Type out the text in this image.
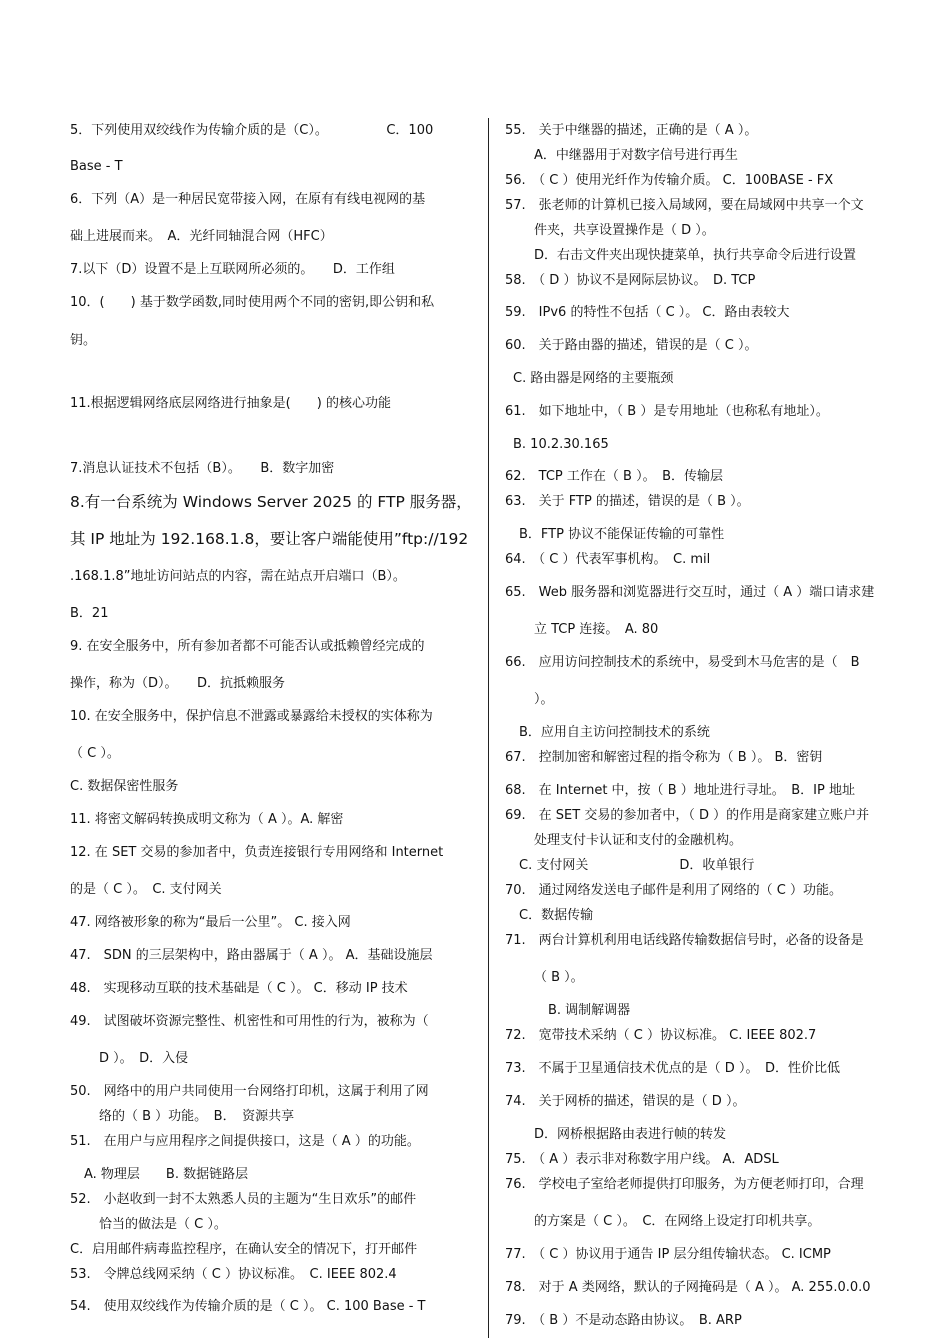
5．下列使用双绞线作为传输介质的是（C）。　　　　　C．100
Base - T
6．下列（A）是一种居民宽带接入网，在原有有线电视网的基
础上进展而来。　A．光纤同轴混合网（HFC）
7.以下（D）设置不是上互联网所必须的。　　D．工作组
10．(　　) 基于数学函数,同时使用两个不同的密钥,即公钥和私
钥。
11.根据逻辑网络底层网络进行抽象是(　　) 的核心功能
7.消息认证技术不包括（B）。　　B．数字加密
8.有一台系统为 Windows Server 2025 的 FTP 服务器，
其 IP 地址为 192.168.1.8，要让客户端能使用”ftp://192
.168.1.8”地址访问站点的内容，需在站点开启端口（B）。
B．21
9. 在安全服务中，所有参加者都不可能否认或抵赖曾经完成的
操作，称为（D）。　　D．抗抵赖服务
10. 在安全服务中，保护信息不泄露或暴露给未授权的实体称为
（ C ）。
C. 数据保密性服务
11. 将密文解码转换成明文称为（ A ）。A. 解密
12. 在 SET 交易的参加者中，负责连接银行专用网络和 Internet
的是（ C ）。　C. 支付网关
47. 网络被形象的称为“最后一公里”。 C. 接入网
47.　SDN 的三层架构中，路由器属于（ A ）。 A．基础设施层
48.　实现移动互联的技术基础是（ C ）。 C．移动 IP 技术
49.　试图破坏资源完整性、机密性和可用性的行为，被称为（
D ）。　D．入侵
50.　网络中的用户共同使用一台网络打印机，这属于利用了网
络的（ B ）功能。　B．　资源共享
51.　在用户与应用程序之间提供接口，这是（ A ）的功能。
A. 物理层　　B. 数据链路层
52.　小赵收到一封不太熟悉人员的主题为“生日欢乐”的邮件
恰当的做法是（ C ）。
C．启用邮件病毒监控程序，在确认安全的情况下，打开邮件
53.　令牌总线网采纳（ C ）协议标准。　C. IEEE 802.4
54.　使用双绞线作为传输介质的是（ C ）。 C. 100 Base - T
55.　关于中继器的描述，正确的是（ A ）。
A．中继器用于对数字信号进行再生
56.　（ C ）使用光纤作为传输介质。 C．100BASE - FX
57.　张老师的计算机已接入局域网，要在局域网中共享一个文
件夹，共享设置操作是（ D ）。
D．右击文件夹出现快捷菜单，执行共享命令后进行设置
58.　（ D ）协议不是网际层协议。　D. TCP
59.　IPv6 的特性不包括（ C ）。 C．路由表较大
60.　关于路由器的描述，错误的是（ C ）。
C. 路由器是网络的主要瓶颈
61.　如下地址中，（ B ）是专用地址（也称私有地址）。
B. 10.2.30.165
62.　TCP 工作在（ B ）。　B．传输层
63.　关于 FTP 的描述，错误的是（ B ）。
B．FTP 协议不能保证传输的可靠性
64.　（ C ）代表军事机构。　C. mil
65.　Web 服务器和浏览器进行交互时，通过（ A ）端口请求建
立 TCP 连接。　A. 80
66.　应用访问控制技术的系统中，易受到木马危害的是（　B
）。
B．应用自主访问控制技术的系统
67.　控制加密和解密过程的指令称为（ B ）。 B．密钥
68.　在 Internet 中，按（ B ）地址进行寻址。　B．IP 地址
69.　在 SET 交易的参加者中，（ D ）的作用是商家建立账户并
处理支付卡认证和支付的金融机构。
C. 支付网关　　　　　　　D．收单银行
70.　通过网络发送电子邮件是利用了网络的（ C ）功能。
C．数据传输
71.　两台计算机利用电话线路传输数据信号时，必备的设备是
（ B ）。
B. 调制解调器
72.　宽带技术采纳（ C ）协议标准。 C. IEEE 802.7
73.　不属于卫星通信技术优点的是（ D ）。　D．性价比低
74.　关于网桥的描述，错误的是（ D ）。
D．网桥根据路由表进行帧的转发
75.　（ A ）表示非对称数字用户线。 A．ADSL
76.　学校电子室给老师提供打印服务，为方便老师打印，合理
的方案是（ C ）。　C．在网络上设定打印机共享。
77.　（ C ）协议用于通告 IP 层分组传输状态。 C. ICMP
78.　对于 A 类网络，默认的子网掩码是（ A ）。 A. 255.0.0.0
79.　（ B ）不是动态路由协议。　B. ARP
